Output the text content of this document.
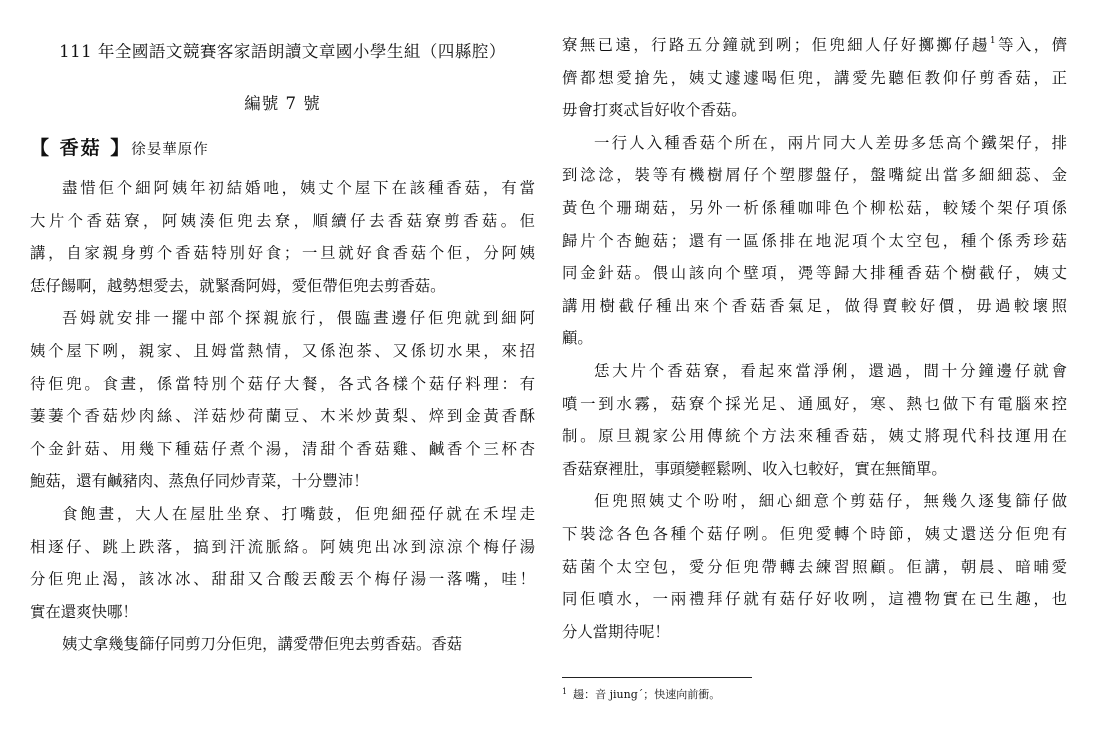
111 年全國語文競賽客家語朗讀文章國小學生組（四縣腔）
編號 7 號
【 香菇 】徐妟華原作

盡惜佢个細阿姨年初結婚吔，姨丈个屋下在該種香菇，有當
大片个香菇寮，阿姨湊佢兜去尞，順續仔去香菇寮剪香菇。佢
講，自家親身剪个香菇特別好食；一旦就好食香菇个佢，分阿姨
恁仔餳啊，越勢想愛去，就緊喬阿姆，愛佢帶佢兜去剪香菇。

吾姆就安排一擺中部个探親旅行，偎臨晝邊仔佢兜就到細阿
姨个屋下咧，親家、且姆當熱情，又係泡茶、又係切水果，來招
待佢兜。食晝，係當特別个菇仔大餐，各式各樣个菇仔料理：有
萋萋个香菇炒肉絲、洋菇炒荷蘭豆、木米炒黃梨、焠到金黃香酥
个金針菇、用幾下種菇仔煮个湯，清甜个香菇雞、鹹香个三杯杏
鮑菇，還有鹹豬肉、蒸魚仔同炒青菜，十分豐沛！

食飽晝，大人在屋肚坐尞、打嘴鼓，佢兜細孲仔就在禾埕走
相逐仔、跳上跌落，搞到汗流脈絡。阿姨兜出冰到涼涼个梅仔湯
分佢兜止渴，該冰冰、甜甜又合酸丟酸丟个梅仔湯一落嘴，哇！
實在還爽快哪！

姨丈拿幾隻篩仔同剪刀分佢兜，講愛帶佢兜去剪香菇。香菇

寮無已遠，行路五分鐘就到咧；佢兜細人仔好擲擲仔𧼮$^1$等入，儕
儕都想愛搶先，姨丈遽遽喝佢兜，講愛先聽佢教仰仔剪香菇，正
毋會打爽忒旨好收个香菇。

一行人入種香菇个所在，兩片同大人差毋多恁高个鐵架仔，排
到淰淰，裝等有機樹屑仔个塑膠盤仔，盤嘴綻出當多細細蕊、金
黃色个珊瑚菇，另外一析係種咖啡色个柳松菇，較矮个架仔項係
歸片个杏鮑菇；還有一區係排在地泥項个太空包，種个係秀珍菇
同金針菇。偎山該向个壁項，凴等歸大排種香菇个樹截仔，姨丈
講用樹截仔種出來个香菇香氣足，做得賣較好價，毋過較壞照
顧。

恁大片个香菇寮，看起來當淨俐，還過，間十分鐘邊仔就會
噴一到水霧，菇寮个採光足、通風好，寒、熱乜做下有電腦來控
制。原旦親家公用傳統个方法來種香菇，姨丈將現代科技運用在
香菇寮裡肚，事頭變輕鬆咧、收入乜較好，實在無簡單。

佢兜照姨丈个吩咐，細心細意个剪菇仔，無幾久逐隻篩仔做
下裝淰各色各種个菇仔咧。佢兜愛轉个時節，姨丈還送分佢兜有
菇菌个太空包，愛分佢兜帶轉去練習照顧。佢講，朝晨、暗晡愛
同佢噴水，一兩禮拜仔就有菇仔好收咧，這禮物實在已生趣，也
分人當期待呢！

$^1$ 𧼮：音 jiung´；快速向前衝。
